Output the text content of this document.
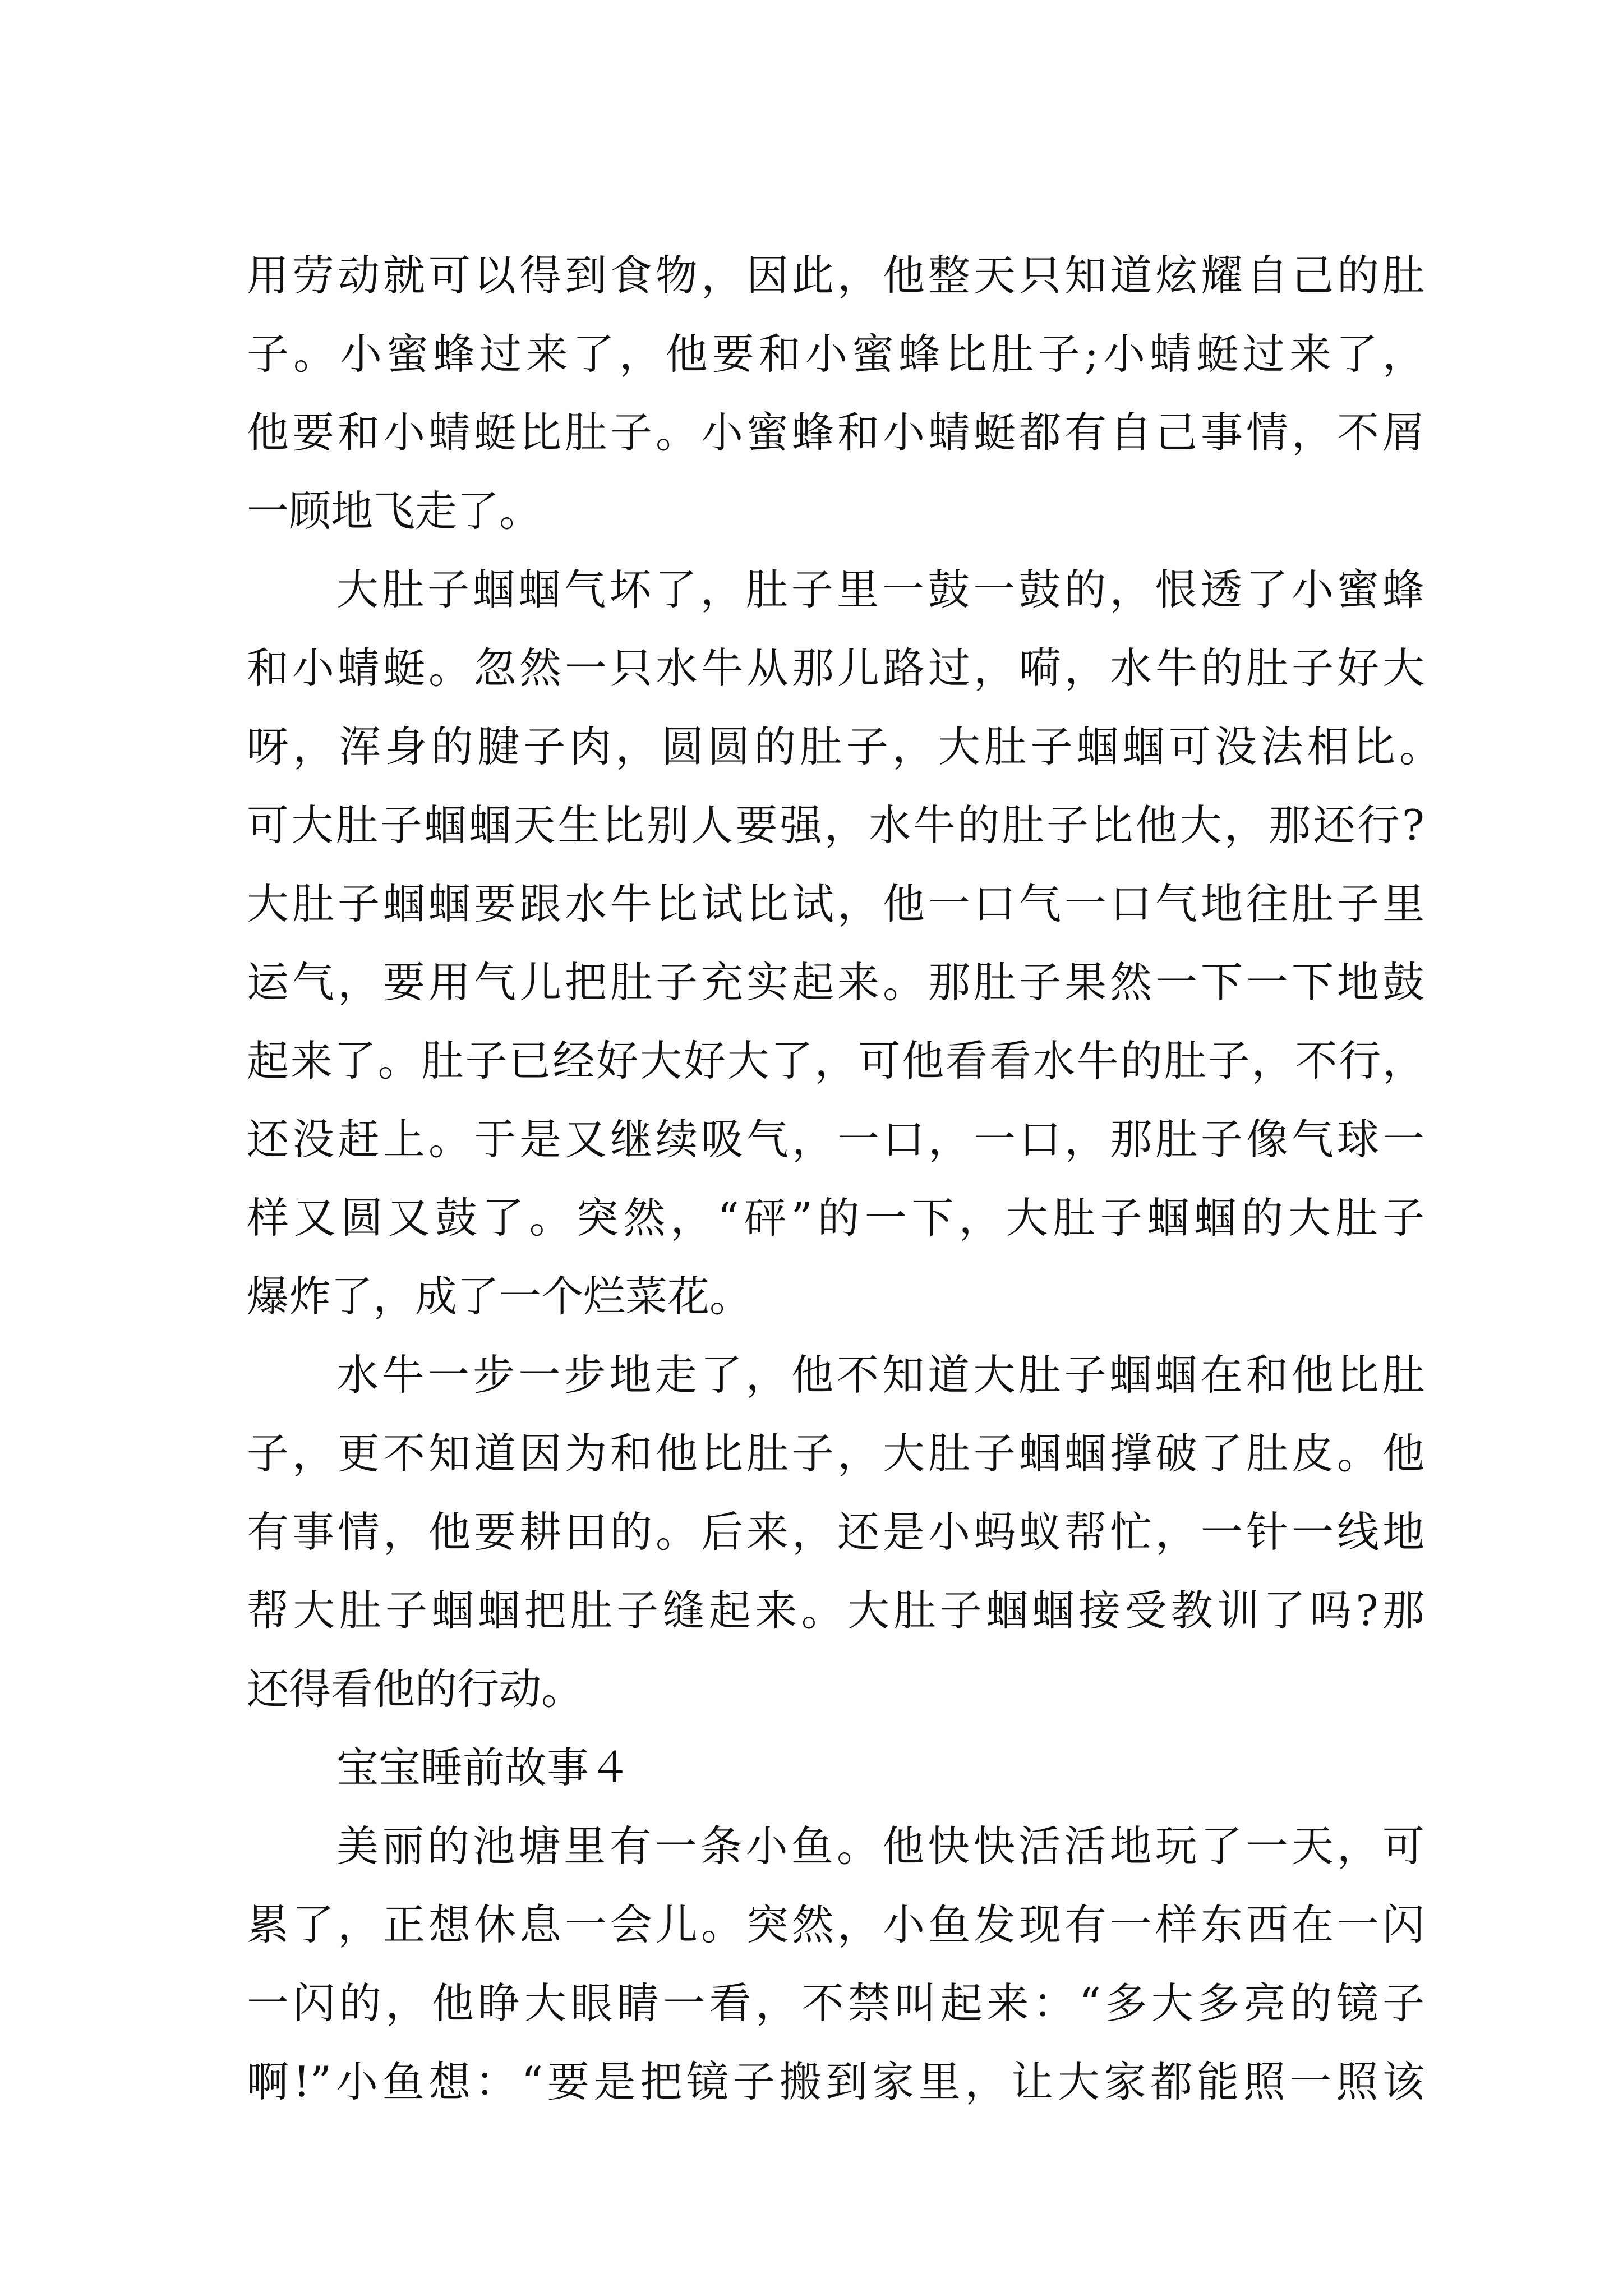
用劳动就可以得到食物，因此，他整天只知道炫耀自己的肚
子。小蜜蜂过来了，他要和小蜜蜂比肚子;小蜻蜓过来了，
他要和小蜻蜓比肚子。小蜜蜂和小蜻蜓都有自己事情，不屑
一顾地飞走了。
大肚子蝈蝈气坏了，肚子里一鼓一鼓的，恨透了小蜜蜂
和小蜻蜓。忽然一只水牛从那儿路过，嗬，水牛的肚子好大
呀，浑身的腱子肉，圆圆的肚子，大肚子蝈蝈可没法相比。
可大肚子蝈蝈天生比别人要强，水牛的肚子比他大，那还行?
大肚子蝈蝈要跟水牛比试比试，他一口气一口气地往肚子里
运气，要用气儿把肚子充实起来。那肚子果然一下一下地鼓
起来了。肚子已经好大好大了，可他看看水牛的肚子，不行，
还没赶上。于是又继续吸气，一口，一口，那肚子像气球一
样又圆又鼓了。突然，“砰”的一下，大肚子蝈蝈的大肚子
爆炸了，成了一个烂菜花。
水牛一步一步地走了，他不知道大肚子蝈蝈在和他比肚
子，更不知道因为和他比肚子，大肚子蝈蝈撑破了肚皮。他
有事情，他要耕田的。后来，还是小蚂蚁帮忙，一针一线地
帮大肚子蝈蝈把肚子缝起来。大肚子蝈蝈接受教训了吗?那
还得看他的行动。
宝宝睡前故事４
美丽的池塘里有一条小鱼。他快快活活地玩了一天，可
累了，正想休息一会儿。突然，小鱼发现有一样东西在一闪
一闪的，他睁大眼睛一看，不禁叫起来：“多大多亮的镜子
啊!”小鱼想：“要是把镜子搬到家里，让大家都能照一照该
